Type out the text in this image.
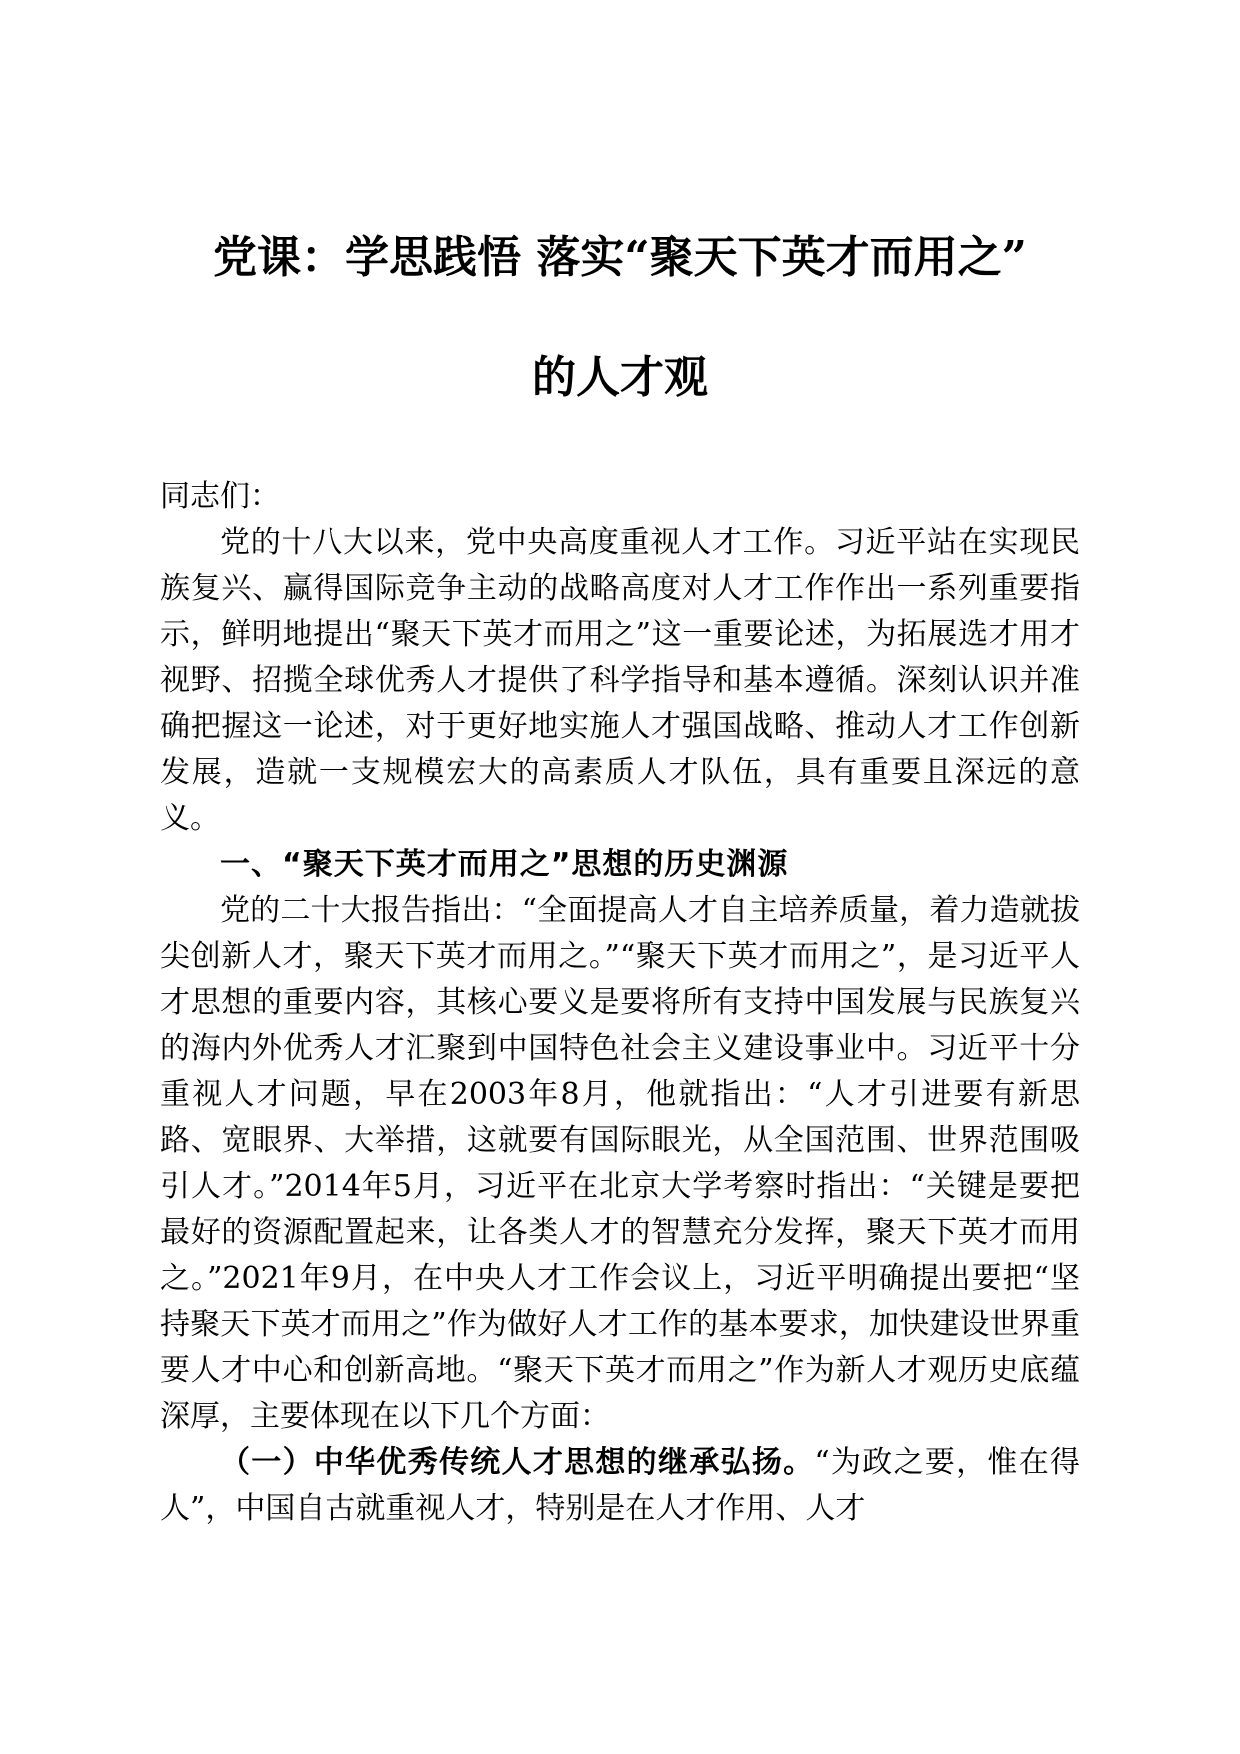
党课：学思践悟 落实“聚天下英才而用之”
的人才观

同志们：

党的十八大以来，党中央高度重视人才工作。习近平站在实现民族复兴、赢得国际竞争主动的战略高度对人才工作作出一系列重要指示，鲜明地提出“聚天下英才而用之”这一重要论述，为拓展选才用才视野、招揽全球优秀人才提供了科学指导和基本遵循。深刻认识并准确把握这一论述，对于更好地实施人才强国战略、推动人才工作创新发展，造就一支规模宏大的高素质人才队伍，具有重要且深远的意义。

一、“聚天下英才而用之”思想的历史渊源

党的二十大报告指出：“全面提高人才自主培养质量，着力造就拔尖创新人才，聚天下英才而用之。”“聚天下英才而用之”，是习近平人才思想的重要内容，其核心要义是要将所有支持中国发展与民族复兴的海内外优秀人才汇聚到中国特色社会主义建设事业中。习近平十分重视人才问题，早在2003年8月，他就指出：“人才引进要有新思路、宽眼界、大举措，这就要有国际眼光，从全国范围、世界范围吸引人才。”2014年5月，习近平在北京大学考察时指出：“关键是要把最好的资源配置起来，让各类人才的智慧充分发挥，聚天下英才而用之。”2021年9月，在中央人才工作会议上，习近平明确提出要把“坚持聚天下英才而用之”作为做好人才工作的基本要求，加快建设世界重要人才中心和创新高地。“聚天下英才而用之”作为新人才观历史底蕴深厚，主要体现在以下几个方面：

（一）中华优秀传统人才思想的继承弘扬。“为政之要，惟在得人”，中国自古就重视人才，特别是在人才作用、人才
